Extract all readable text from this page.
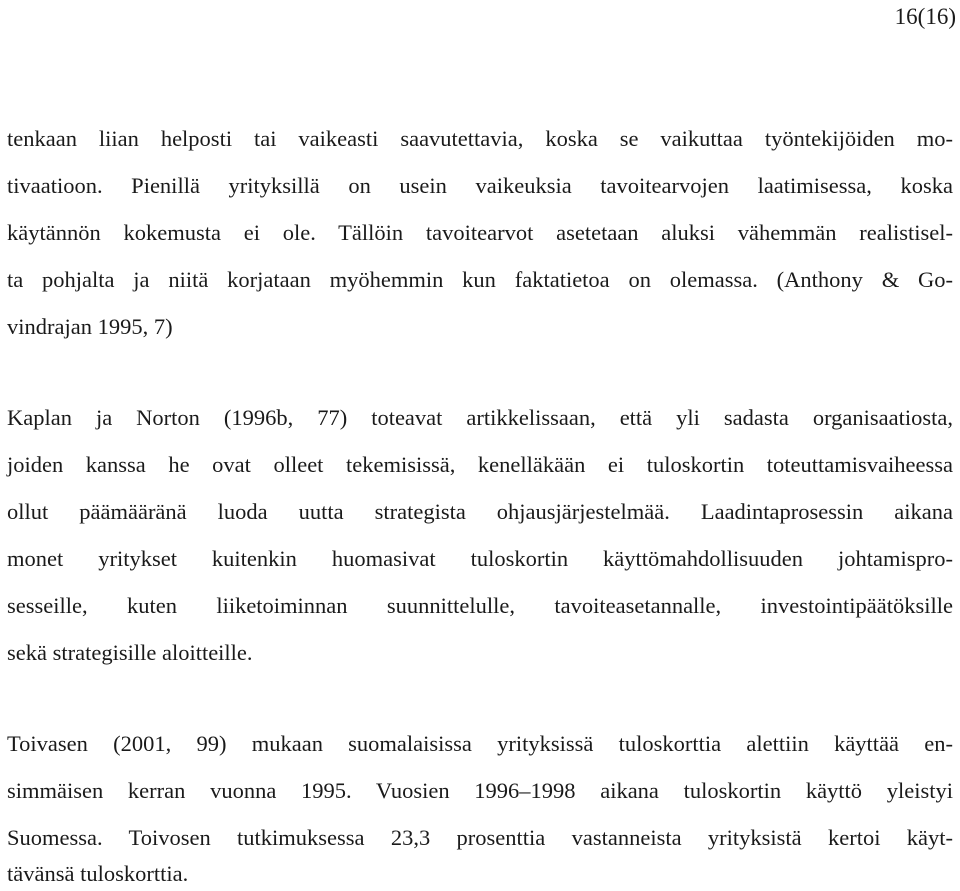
16(16)
tenkaan liian helposti tai vaikeasti saavutettavia, koska se vaikuttaa työntekijöiden mo-
tivaatioon. Pienillä yrityksillä on usein vaikeuksia tavoitearvojen laatimisessa, koska
käytännön kokemusta ei ole. Tällöin tavoitearvot asetetaan aluksi vähemmän realistisel-
ta pohjalta ja niitä korjataan myöhemmin kun faktatietoa on olemassa. (Anthony & Go-
vindrajan 1995, 7)
Kaplan ja Norton (1996b, 77) toteavat artikkelissaan, että yli sadasta organisaatiosta,
joiden kanssa he ovat olleet tekemisissä, kenelläkään ei tuloskortin toteuttamisvaiheessa
ollut päämääränä luoda uutta strategista ohjausjärjestelmää. Laadintaprosessin aikana
monet yritykset kuitenkin huomasivat tuloskortin käyttömahdollisuuden johtamispro-
sesseille, kuten liiketoiminnan suunnittelulle, tavoiteasetannalle, investointipäätöksille
sekä strategisille aloitteille.
Toivasen (2001, 99) mukaan suomalaisissa yrityksissä tuloskorttia alettiin käyttää en-
simmäisen kerran vuonna 1995. Vuosien 1996–1998 aikana tuloskortin käyttö yleistyi
Suomessa. Toivosen tutkimuksessa 23,3 prosenttia vastanneista yrityksistä kertoi käyt-
tävänsä tuloskorttia.
